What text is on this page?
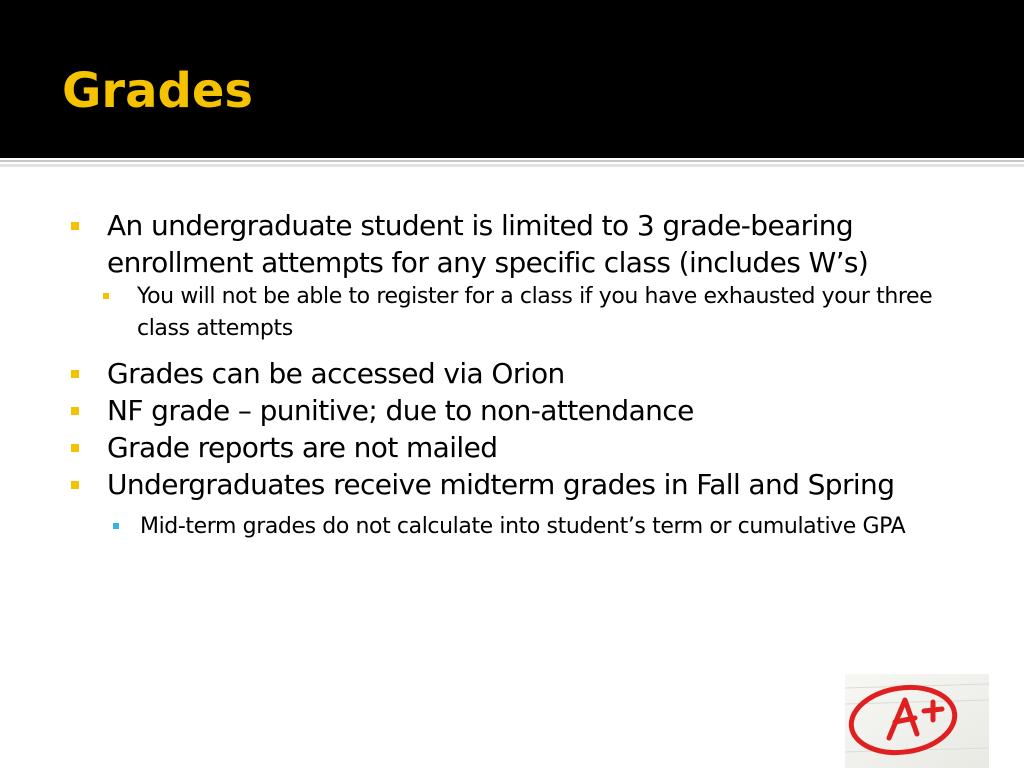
Grades
An undergraduate student is limited to 3 grade-bearing enrollment attempts for any specific class (includes W’s)
You will not be able to register for a class if you have exhausted your three class attempts
Grades can be accessed via Orion
NF grade – punitive; due to non-attendance
Grade reports are not mailed
Undergraduates receive midterm grades in Fall and Spring
Mid-term grades do not calculate into student’s term or cumulative GPA
